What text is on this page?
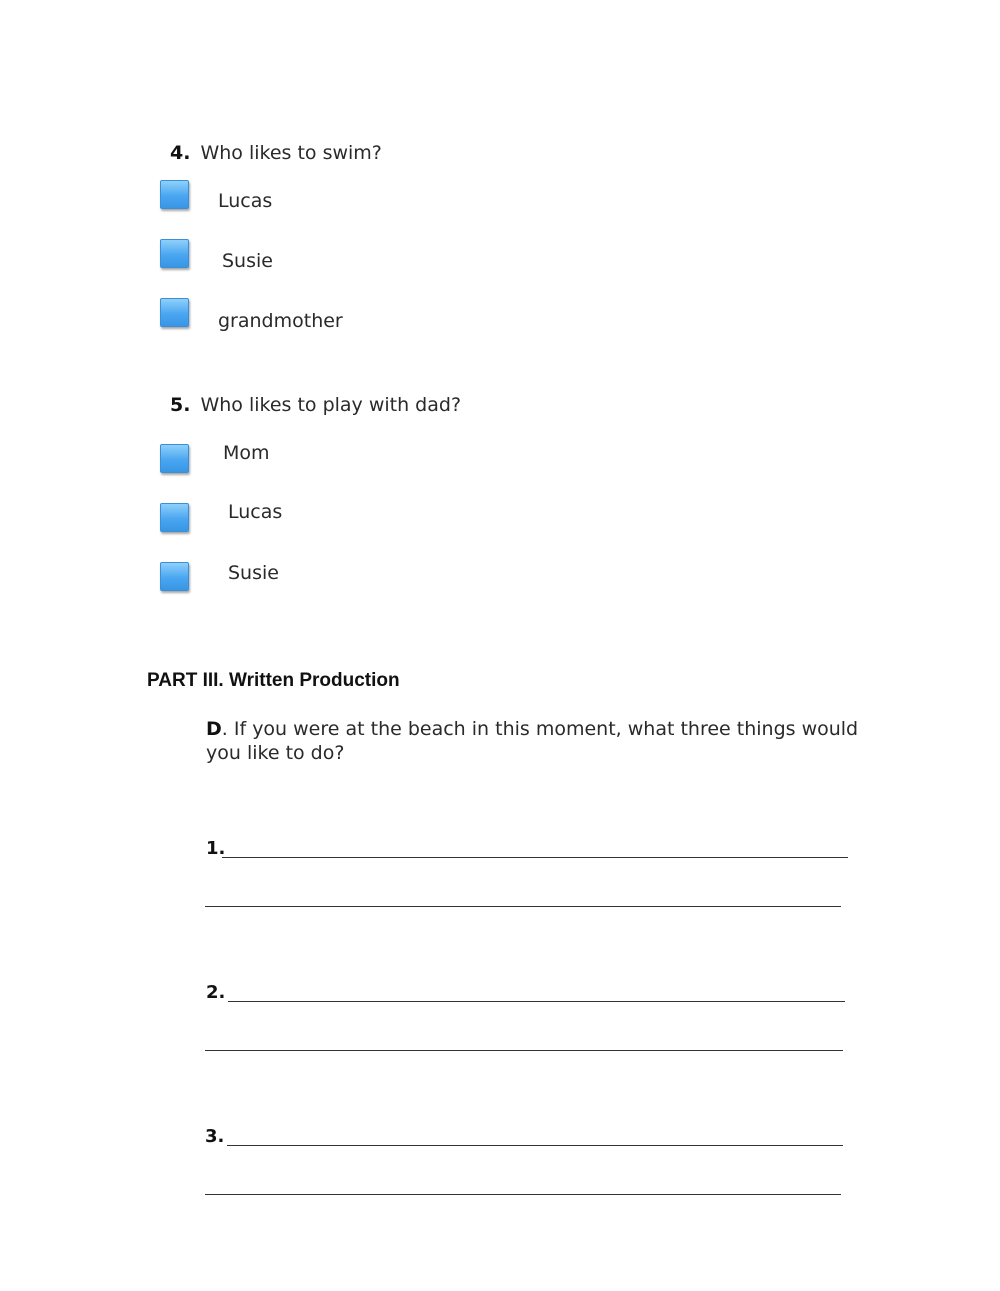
4. Who likes to swim?
Lucas
Susie
grandmother
5. Who likes to play with dad?
Mom
Lucas
Susie
PART III. Written Production
D. If you were at the beach in this moment, what three things would you like to do?
1.
2.
3.
